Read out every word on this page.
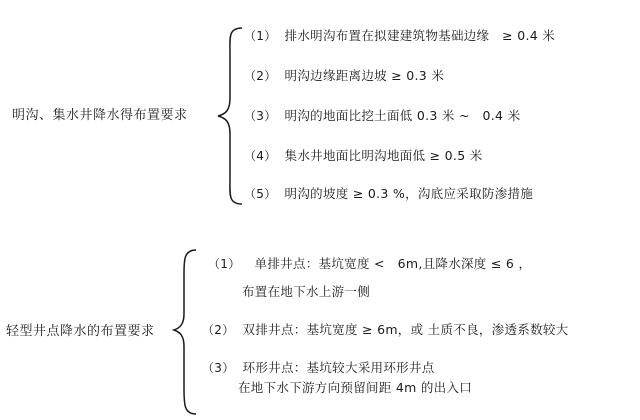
明沟、集水井降水得布置要求
（1） 排水明沟布置在拟建建筑物基础边缘　≥ 0.4 米
（2） 明沟边缘距离边坡 ≥ 0.3 米
（3） 明沟的地面比挖土面低 0.3 米 ~　0.4 米
（4） 集水井地面比明沟地面低 ≥ 0.5 米
（5） 明沟的坡度 ≥ 0.3 %，沟底应采取防渗措施
轻型井点降水的布置要求
（1） 单排井点：基坑宽度 <　6m,且降水深度 ≤ 6 ，
布置在地下水上游一侧
（2） 双排井点：基坑宽度 ≥ 6m，或 土质不良，渗透系数较大
（3） 环形井点：基坑较大采用环形井点
在地下水下游方向预留间距 4m 的出入口
